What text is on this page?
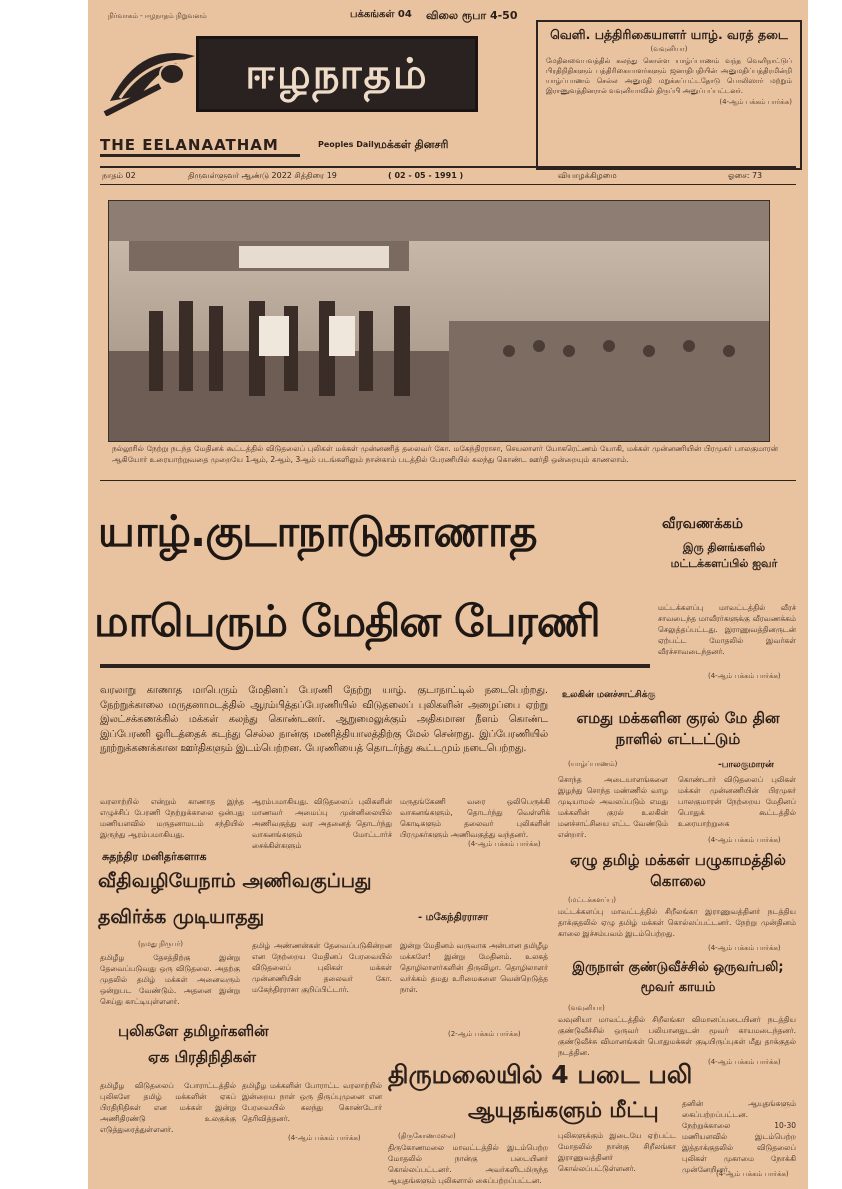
நிர்வாகம் - ஈழநாதம் நிறுவனம்	பக்கங்கள் 04 விலை ரூபா 4-50
ஈழநாதம்
THE EELANAATHAM	Peoples Daily மக்கள் தினசரி
வெளி. பத்திரிகையாளர் யாழ். வரத் தடை
(வவுனியா)
மேதினவைபவத்தில் கலந்து கொள்ள யாழ்ப்பாணம் வந்த வெளிநாட்டுப் பிரதிநிதிகளும் பத்திரிகையாளர்களும் ஜனாதிபதியின் அனுமதிப்பத்திரமின்றி யாழ்ப்பாணம் செல்ல அனுமதி மறுக்கப்பட்டதோடு பொலிஸார் மற்றும் இராணுவத்தினரால் வவுனியாவில் திருப்பி அனுப்பப்பட்டனர்.
(4-ஆம் பக்கம் பார்க்க)
நாதம் 02	திருவள்ளுவர் ஆண்டு 2022 சித்திரை 19	( 02 - 05 - 1991 )	வியாழக்கிழமை	ஓசை: 73
நல்லூரில் நேற்று நடந்த மேதினக் கூட்டத்தில் விடுதலைப் புலிகள் மக்கள் முன்னணித் தலைவர் கோ. மகேந்திரராசா, செயலாளர் யோகரெட்ணம் யோகி, மக்கள் முன்னணியின் பிரமுகர் பாலகுமாரன் ஆகியோர் உரையாற்றுவதை முறையே 1ஆம், 2ஆம், 3ஆம் படங்களிலும் நான்காம் படத்தில் பேரணியில் கலந்து கொண்ட ஊர்தி ஒன்றையும் காணலாம்.
யாழ்.குடாநாடுகாணாத
மாபெரும் மேதின பேரணி
வரலாறு காணாத மாபெரும் மேதினப் பேரணி நேற்று யாழ். குடாநாட்டில் நடைபெற்றது. நேற்றுக்காலை மருதனாமடத்தில் ஆரம்பித்தப்பேரணியில் விடுதலைப் புலிகளின் அழைப்பை ஏற்று இலட்சக்கணக்கில் மக்கள் கலந்து கொண்டனர். ஆறுமைலுக்கும் அதிகமான நீளம் கொண்ட இப்பேரணி ஓரிடத்தைக் கடந்து செல்ல நான்கு மணித்தியாலத்திற்கு மேல் சென்றது. இப்பேரணியில் நூற்றுக்கணக்கான ஊர்திகளும் இடம்பெற்றன. பேரணியைத் தொடர்ந்து கூட்டமும் நடைபெற்றது.
வரலாற்றில் என்றும் காணாத இந்த எழுச்சிப் பேரணி நேற்றுக்காலை ஒன்பது மணியளவில் மருதனாமடம் சந்தியில் இருந்து ஆரம்பமாகியது.
ஆரம்பமாகியது. விடுதலைப் புலிகளின் மாணவர் அமைப்பு முன்னிலையில் அணிவகுத்து வர அதனைத் தொடர்ந்து வாகனங்களும் மோட்டார்ச் சைக்கிள்களும்
மருதங்கேணி வரை ஒலிபெருக்கி வாகனங்களும், தொடர்ந்து வெள்ளிக் கொடிகளும் தலைவர் புலிகளின் பிரமுகர்களும் அணிவகுத்து வந்தனர்.
(4-ஆம் பக்கம் பார்க்க)
வீரவணக்கம்
இரு தினங்களில் மட்டக்களப்பில் ஐவர்
மட்டக்களப்பு மாவட்டத்தில் வீரச் சாவடைந்த மாவீரர்களுக்கு வீரவணக்கம் செலுத்தப்பட்டது. இராணுவத்தினருடன் ஏற்பட்ட மோதலில் இவர்கள் வீரச்சாவடைந்தனர்.
(4-ஆம் பக்கம் பார்க்க)
உலகின் மனச்சாட்சிக்கு
எமது மக்களின குரல் மே தின நாளில் எட்டட்டும்
-பாலகுமாரன்
(யாழ்ப்பாணம்)
சொந்த அடையாளங்களை இழந்து சொந்த மண்ணில் வாழ முடியாமல் அவலப்படும் எமது மக்களின் குரல் உலகின் மனச்சாட்சியை எட்ட வேண்டும் என்றார்.
கொண்டார் விடுதலைப் புலிகள் மக்கள் முன்னணியின் பிரமுகர் பாலகுமாரன் நேற்றைய மேதினப் பொதுக் கூட்டத்தில் உரையாற்றுகை
(4-ஆம் பக்கம் பார்க்க)
சுதந்திர மனிதர்களாக
வீதிவழியேநாம் அணிவகுப்பது
தவிர்க்க முடியாதது	- மகேந்திரராசா
(நமது நிருபர்)
தமிழீழ தேசத்திற்கு இன்று தேவைப்படுவது ஒரு விடுதலை. அதற்கு முதலில் தமிழ் மக்கள் அனைவரும் ஒன்றுபட வேண்டும். அதனை இன்று செய்து காட்டியுள்ளனர்.
தமிழ் அண்ணன்கள் தேவைப்படுகின்றன என நேற்றைய மேதினப் பேரவையில் விடுதலைப் புலிகள் மக்கள் முன்னணியின் தலைவர் கோ. மகேந்திரராசா குறிப்பிட்டார்.
இன்று மேதினம் வருவாக அன்பான தமிழீழ மக்களே! இன்று மேதினம். உலகத் தொழிலாளர்களின் திருவிழா. தொழிலாளர் வர்க்கம் தமது உரிமைகளை வென்றெடுத்த நாள்.
(2-ஆம் பக்கம் பார்க்க)
புலிகளே தமிழர்களின்
ஏக பிரதிநிதிகள்
தமிழீழ விடுதலைப் போராட்டத்தில் புலிகளே தமிழ் மக்களின் ஏகப் பிரதிநிதிகள் என மக்கள் இன்று அணிதிரண்டு உலகுக்கு எடுத்துரைத்துள்ளனர்.
தமிழீழ மக்களின் போராட்ட வரலாற்றில் இன்றைய நாள் ஒரு திருப்புமுனை என பேரவையில் கலந்து கொண்டோர் தெரிவித்தனர்.
(4-ஆம் பக்கம் பார்க்க)
ஏழு தமிழ் மக்கள் பழுகாமத்தில் கொலை
(மட்டக்களப்பு)
மட்டக்களப்பு மாவட்டத்தில் சிறீலங்கா இராணுவத்தினர் நடத்திய தாக்குதலில் ஏழு தமிழ் மக்கள் கொல்லப்பட்டனர். நேற்று முன்தினம் காலை இச்சம்பவம் இடம்பெற்றது.
(4-ஆம் பக்கம் பார்க்க)
இருநாள் குண்டுவீச்சில் ஒருவர்பலி; மூவர் காயம்
(வவுனியா)
வவுனியா மாவட்டத்தில் சிறீலங்கா விமானப்படையினர் நடத்திய குண்டுவீச்சில் ஒருவர் பலியானதுடன் மூவர் காயமடைந்தனர். குண்டுவீச்சு விமானங்கள் பொதுமக்கள் குடியிருப்புகள் மீது தாக்குதல் நடத்தின.
(4-ஆம் பக்கம் பார்க்க)
திருமலையில் 4 படை பலி
ஆயுதங்களும் மீட்பு
(திருகோணமலை)
திருகோணமலை மாவட்டத்தில் இடம்பெற்ற மோதலில் நான்கு படையினர் கொல்லப்பட்டனர். அவர்களிடமிருந்த ஆயுதங்களும் புலிகளால் கைப்பற்றப்பட்டன.
புலிகளுக்கும் இடையே ஏற்பட்ட மோதலில் நான்கு சிறீலங்கா இராணுவத்தினர் கொல்லப்பட்டுள்ளனர்.
தனின் ஆயுதங்களும் கைப்பற்றப்பட்டன. நேற்றுக்காலை 10-30 மணியளவில் இடம்பெற்ற இத்தாக்குதலில் விடுதலைப் புலிகள் முகாமை நோக்கி முன்னேறினர்.
(4-ஆம் பக்கம் பார்க்க)
